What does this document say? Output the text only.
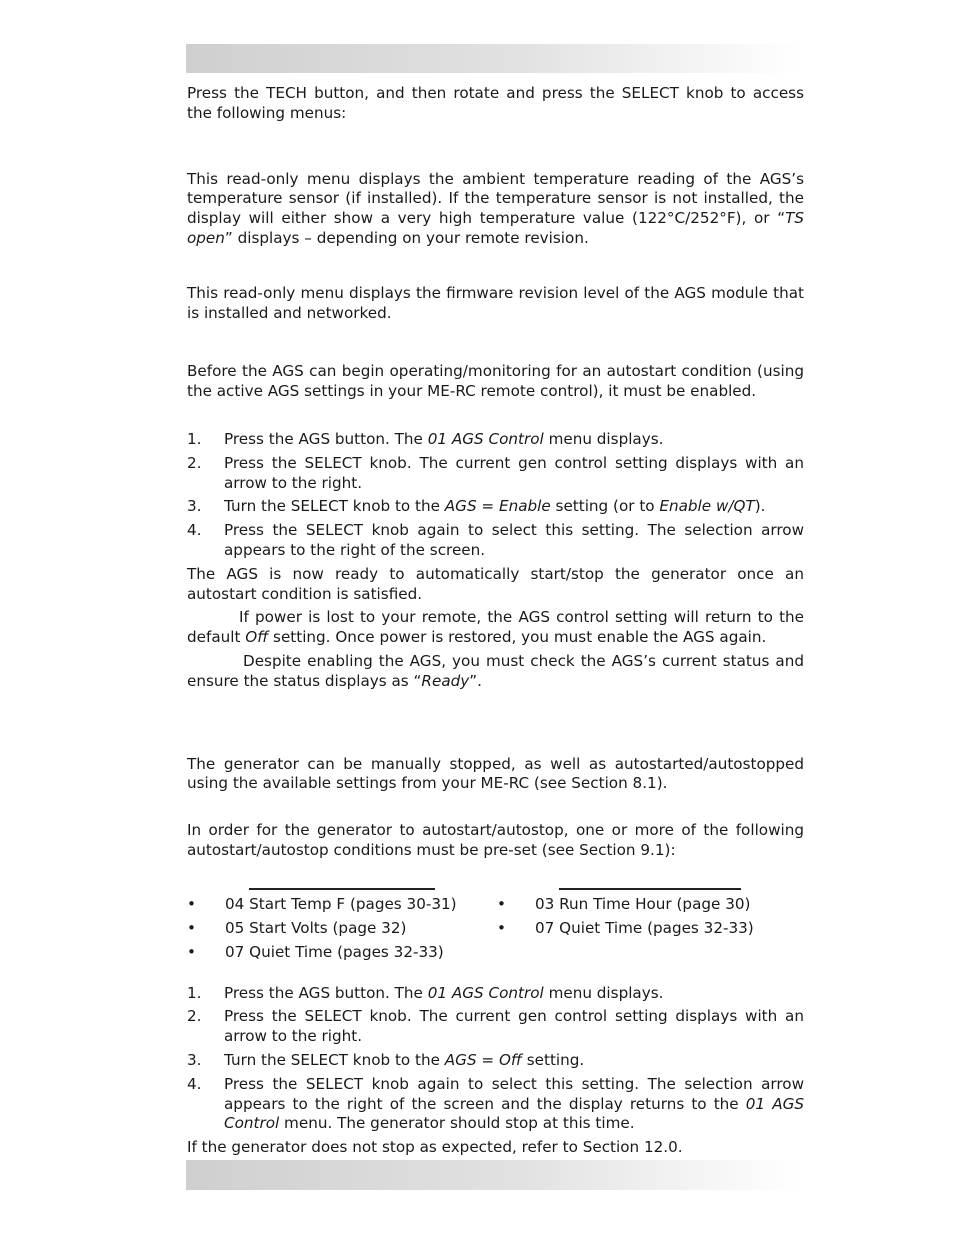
Press the TECH button, and then rotate and press the SELECT knob to access the following menus:

This read-only menu displays the ambient temperature reading of the AGS’s temperature sensor (if installed). If the temperature sensor is not installed, the display will either show a very high temperature value (122°C/252°F), or “TS open” displays – depending on your remote revision.

This read-only menu displays the firmware revision level of the AGS module that is installed and networked.

Before the AGS can begin operating/monitoring for an autostart condition (using the active AGS settings in your ME-RC remote control), it must be enabled.

1. Press the AGS button. The 01 AGS Control menu displays.
2. Press the SELECT knob. The current gen control setting displays with an arrow to the right.
3. Turn the SELECT knob to the AGS = Enable setting (or to Enable w/QT).
4. Press the SELECT knob again to select this setting. The selection arrow appears to the right of the screen.

The AGS is now ready to automatically start/stop the generator once an autostart condition is satisfied.

If power is lost to your remote, the AGS control setting will return to the default Off setting. Once power is restored, you must enable the AGS again.

Despite enabling the AGS, you must check the AGS’s current status and ensure the status displays as “Ready”.

The generator can be manually stopped, as well as autostarted/autostopped using the available settings from your ME-RC (see Section 8.1).

In order for the generator to autostart/autostop, one or more of the following autostart/autostop conditions must be pre-set (see Section 9.1):

• 04 Start Temp F (pages 30-31)
• 05 Start Volts (page 32)
• 07 Quiet Time (pages 32-33)
• 03 Run Time Hour (page 30)
• 07 Quiet Time (pages 32-33)
1. Press the AGS button. The 01 AGS Control menu displays.
2. Press the SELECT knob. The current gen control setting displays with an arrow to the right.
3. Turn the SELECT knob to the AGS = Off setting.
4. Press the SELECT knob again to select this setting. The selection arrow appears to the right of the screen and the display returns to the 01 AGS Control menu. The generator should stop at this time.

If the generator does not stop as expected, refer to Section 12.0.
